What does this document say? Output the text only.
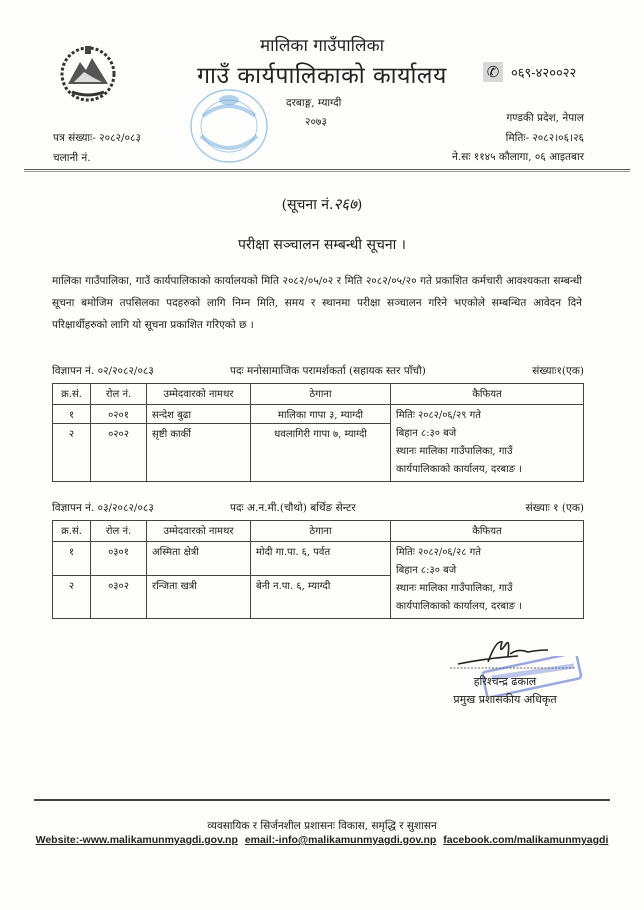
मालिका गाउँपालिका
गाउँ कार्यपालिकाको कार्यालय
दरबाङ्ग, म्याग्दी
२०७३
✆ ०६९-४२००२२
गण्डकी प्रदेश, नेपाल
मितिः- २०८२।०६।२६
ने.सः ११४५ कौलागा, ०६ आइतबार
पत्र संख्याः- २०८२/०८३
चलानी नं.
(सूचना नं.२६७)
परीक्षा सञ्चालन सम्बन्धी सूचना ।
मालिका गाउँपालिका, गाउँ कार्यपालिकाको कार्यालयको मिति २०८२/०५/०२ र मिति २०८२/०५/२० गते प्रकाशित कर्मचारी आवश्यकता सम्बन्धी सूचना बमोजिम तपसिलका पदहरुको लागि निम्न मिति, समय र स्थानमा परीक्षा सञ्चालन गरिने भएकोले सम्बन्धित आवेदन दिने परिक्षार्थीहरुको लागि यो सूचना प्रकाशित गरिएको छ ।
विज्ञापन नं. ०२/२०८२/०८३	पदः मनोसामाजिक परामर्शकर्ता (सहायक स्तर पाँचौ)	संख्याः१(एक)
क्र.सं.	रोल नं.	उम्मेदवारको नामथर	ठेगाना	कैफियत
१	०२०१	सन्देश बुढा	मालिका गापा ३, म्याग्दी	मितिः २०८२/०६/२९ गते
बिहान ८:३० बजे
स्थानः मालिका गाउँपालिका, गाउँ
कार्यपालिकाको कार्यालय, दरबाङ ।

२	०२०२	सृष्टी कार्की	धवलागिरी गापा ७, म्याग्दी	
विज्ञापन नं. ०३/२०८२/०८३	पदः अ.न.मी.(चौथो) बर्थिङ सेन्टर	संख्याः १ (एक)
क्र.सं.	रोल नं.	उम्मेदवारको नामथर	ठेगाना	कैफियत
१	०३०१	अस्मिता क्षेत्री	मोदी गा.पा. ६, पर्वत	मितिः २०८२/०६/२८ गते
बिहान ८:३० बजे
स्थानः मालिका गाउँपालिका, गाउँ
कार्यपालिकाको कार्यालय, दरबाङ ।

२	०३०२	रन्जिता खत्री	बेनी न.पा. ६, म्याग्दी	
हरिश्चन्द्र ढकाल
प्रमुख प्रशासकीय अधिकृत
व्यवसायिक र सिर्जनशील प्रशासनः विकास, समृद्धि र सुशासन
Website:-www.malikamunmyagdi.gov.np email:-info@malikamunmyagdi.gov.np facebook.com/malikamunmyagdi
